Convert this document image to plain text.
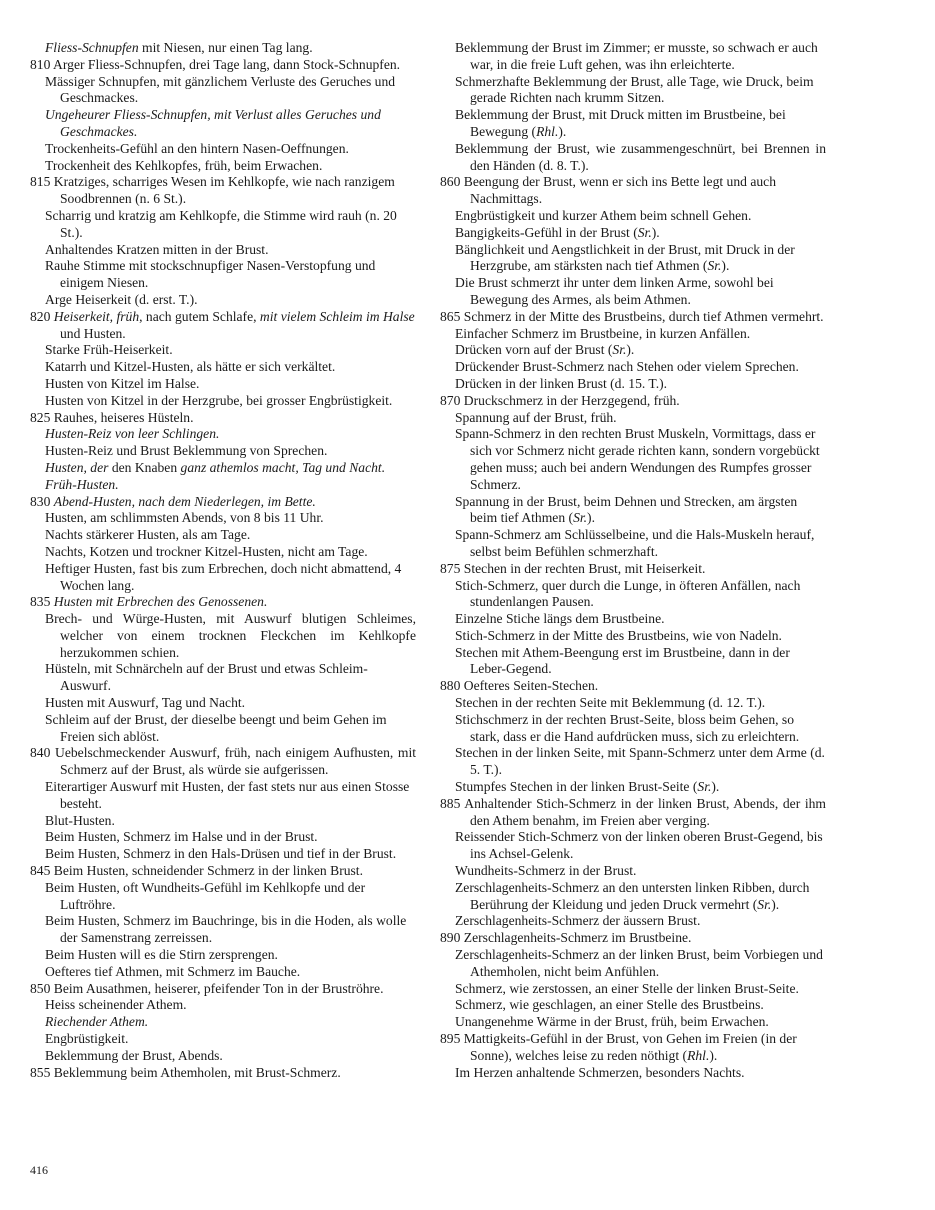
Fliess-Schnupfen mit Niesen, nur einen Tag lang.
810 Arger Fliess-Schnupfen, drei Tage lang, dann Stock-Schnupfen.
Mässiger Schnupfen, mit gänzlichem Verluste des Geruches und Geschmackes.
Ungeheurer Fliess-Schnupfen, mit Verlust alles Geruches und Geschmackes.
Trockenheits-Gefühl an den hintern Nasen-Oeffnungen.
Trockenheit des Kehlkopfes, früh, beim Erwachen.
815 Kratziges, scharriges Wesen im Kehlkopfe, wie nach ranzigem Soodbrennen (n. 6 St.).
Scharrig und kratzig am Kehlkopfe, die Stimme wird rauh (n. 20 St.).
Anhaltendes Kratzen mitten in der Brust.
Rauhe Stimme mit stockschnupfiger Nasen-Verstopfung und einigem Niesen.
Arge Heiserkeit (d. erst. T.).
820 Heiserkeit, früh, nach gutem Schlafe, mit vielem Schleim im Halse und Husten.
Starke Früh-Heiserkeit.
Katarrh und Kitzel-Husten, als hätte er sich verkältet.
Husten von Kitzel im Halse.
Husten von Kitzel in der Herzgrube, bei grosser Engbrüstigkeit.
825 Rauhes, heiseres Hüsteln.
Husten-Reiz von leer Schlingen.
Husten-Reiz und Brust Beklemmung von Sprechen.
Husten, der den Knaben ganz athemlos macht, Tag und Nacht.
Früh-Husten.
830 Abend-Husten, nach dem Niederlegen, im Bette.
Husten, am schlimmsten Abends, von 8 bis 11 Uhr.
Nachts stärkerer Husten, als am Tage.
Nachts, Kotzen und trockner Kitzel-Husten, nicht am Tage.
Heftiger Husten, fast bis zum Erbrechen, doch nicht abmattend, 4 Wochen lang.
835 Husten mit Erbrechen des Genossenen.
Brech- und Würge-Husten, mit Auswurf blutigen Schleimes, welcher von einem trocknen Fleckchen im Kehlkopfe herzukommen schien.
Hüsteln, mit Schnärcheln auf der Brust und etwas Schleim-Auswurf.
Husten mit Auswurf, Tag und Nacht.
Schleim auf der Brust, der dieselbe beengt und beim Gehen im Freien sich ablöst.
840 Uebelschmeckender Auswurf, früh, nach einigem Aufhusten, mit Schmerz auf der Brust, als würde sie aufgerissen.
Eiterartiger Auswurf mit Husten, der fast stets nur aus einen Stosse besteht.
Blut-Husten.
Beim Husten, Schmerz im Halse und in der Brust.
Beim Husten, Schmerz in den Hals-Drüsen und tief in der Brust.
845 Beim Husten, schneidender Schmerz in der linken Brust.
Beim Husten, oft Wundheits-Gefühl im Kehlkopfe und der Luftröhre.
Beim Husten, Schmerz im Bauchringe, bis in die Hoden, als wolle der Samenstrang zerreissen.
Beim Husten will es die Stirn zersprengen.
Oefteres tief Athmen, mit Schmerz im Bauche.
850 Beim Ausathmen, heiserer, pfeifender Ton in der Bruströhre.
Heiss scheinender Athem.
Riechender Athem.
Engbrüstigkeit.
Beklemmung der Brust, Abends.
855 Beklemmung beim Athemholen, mit Brust-Schmerz.
Beklemmung der Brust im Zimmer; er musste, so schwach er auch war, in die freie Luft gehen, was ihn erleichterte.
Schmerzhafte Beklemmung der Brust, alle Tage, wie Druck, beim gerade Richten nach krumm Sitzen.
Beklemmung der Brust, mit Druck mitten im Brustbeine, bei Bewegung (Rhl.).
Beklemmung der Brust, wie zusammengeschnürt, bei Brennen in den Händen (d. 8. T.).
860 Beengung der Brust, wenn er sich ins Bette legt und auch Nachmittags.
Engbrüstigkeit und kurzer Athem beim schnell Gehen.
Bangigkeits-Gefühl in der Brust (Sr.).
Bänglichkeit und Aengstlichkeit in der Brust, mit Druck in der Herzgrube, am stärksten nach tief Athmen (Sr.).
Die Brust schmerzt ihr unter dem linken Arme, sowohl bei Bewegung des Armes, als beim Athmen.
865 Schmerz in der Mitte des Brustbeins, durch tief Athmen vermehrt.
Einfacher Schmerz im Brustbeine, in kurzen Anfällen.
Drücken vorn auf der Brust (Sr.).
Drückender Brust-Schmerz nach Stehen oder vielem Sprechen.
Drücken in der linken Brust (d. 15. T.).
870 Druckschmerz in der Herzgegend, früh.
Spannung auf der Brust, früh.
Spann-Schmerz in den rechten Brust Muskeln, Vormittags, dass er sich vor Schmerz nicht gerade richten kann, sondern vorgebückt gehen muss; auch bei andern Wendungen des Rumpfes grosser Schmerz.
Spannung in der Brust, beim Dehnen und Strecken, am ärgsten beim tief Athmen (Sr.).
Spann-Schmerz am Schlüsselbeine, und die Hals-Muskeln herauf, selbst beim Befühlen schmerzhaft.
875 Stechen in der rechten Brust, mit Heiserkeit.
Stich-Schmerz, quer durch die Lunge, in öfteren Anfällen, nach stundenlangen Pausen.
Einzelne Stiche längs dem Brustbeine.
Stich-Schmerz in der Mitte des Brustbeins, wie von Nadeln.
Stechen mit Athem-Beengung erst im Brustbeine, dann in der Leber-Gegend.
880 Oefteres Seiten-Stechen.
Stechen in der rechten Seite mit Beklemmung (d. 12. T.).
Stichschmerz in der rechten Brust-Seite, bloss beim Gehen, so stark, dass er die Hand aufdrücken muss, sich zu erleichtern.
Stechen in der linken Seite, mit Spann-Schmerz unter dem Arme (d. 5. T.).
Stumpfes Stechen in der linken Brust-Seite (Sr.).
885 Anhaltender Stich-Schmerz in der linken Brust, Abends, der ihm den Athem benahm, im Freien aber verging.
Reissender Stich-Schmerz von der linken oberen Brust-Gegend, bis ins Achsel-Gelenk.
Wundheits-Schmerz in der Brust.
Zerschlagenheits-Schmerz an den untersten linken Ribben, durch Berührung der Kleidung und jeden Druck vermehrt (Sr.).
Zerschlagenheits-Schmerz der äussern Brust.
890 Zerschlagenheits-Schmerz im Brustbeine.
Zerschlagenheits-Schmerz an der linken Brust, beim Vorbiegen und Athemholen, nicht beim Anfühlen.
Schmerz, wie zerstossen, an einer Stelle der linken Brust-Seite.
Schmerz, wie geschlagen, an einer Stelle des Brustbeins.
Unangenehme Wärme in der Brust, früh, beim Erwachen.
895 Mattigkeits-Gefühl in der Brust, von Gehen im Freien (in der Sonne), welches leise zu reden nöthigt (Rhl.).
Im Herzen anhaltende Schmerzen, besonders Nachts.
416
